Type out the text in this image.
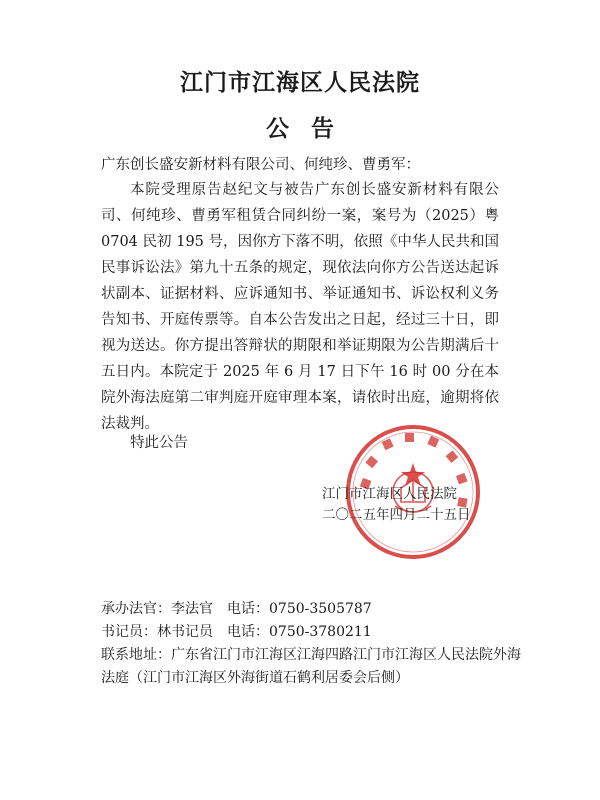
江门市江海区人民法院
公告
广东创长盛安新材料有限公司、何纯珍、曹勇军：
本院受理原告赵纪文与被告广东创长盛安新材料有限公司、何纯珍、曹勇军租赁合同纠纷一案，案号为（2025）粤 0704 民初 195 号，因你方下落不明，依照《中华人民共和国民事诉讼法》第九十五条的规定，现依法向你方公告送达起诉状副本、证据材料、应诉通知书、举证通知书、诉讼权利义务告知书、开庭传票等。自本公告发出之日起，经过三十日，即视为送达。你方提出答辩状的期限和举证期限为公告期满后十五日内。本院定于 2025 年 6 月 17 日下午 16 时 00 分在本院外海法庭第二审判庭开庭审理本案，请依时出庭，逾期将依法裁判。
特此公告
江门市江海区人民法院
二〇二五年四月二十五日
承办法官：李法官 电话：0750-3505787
书记员：林书记员 电话：0750-3780211
联系地址：广东省江门市江海区江海四路江门市江海区人民法院外海法庭（江门市江海区外海街道石鹤利居委会后侧）
